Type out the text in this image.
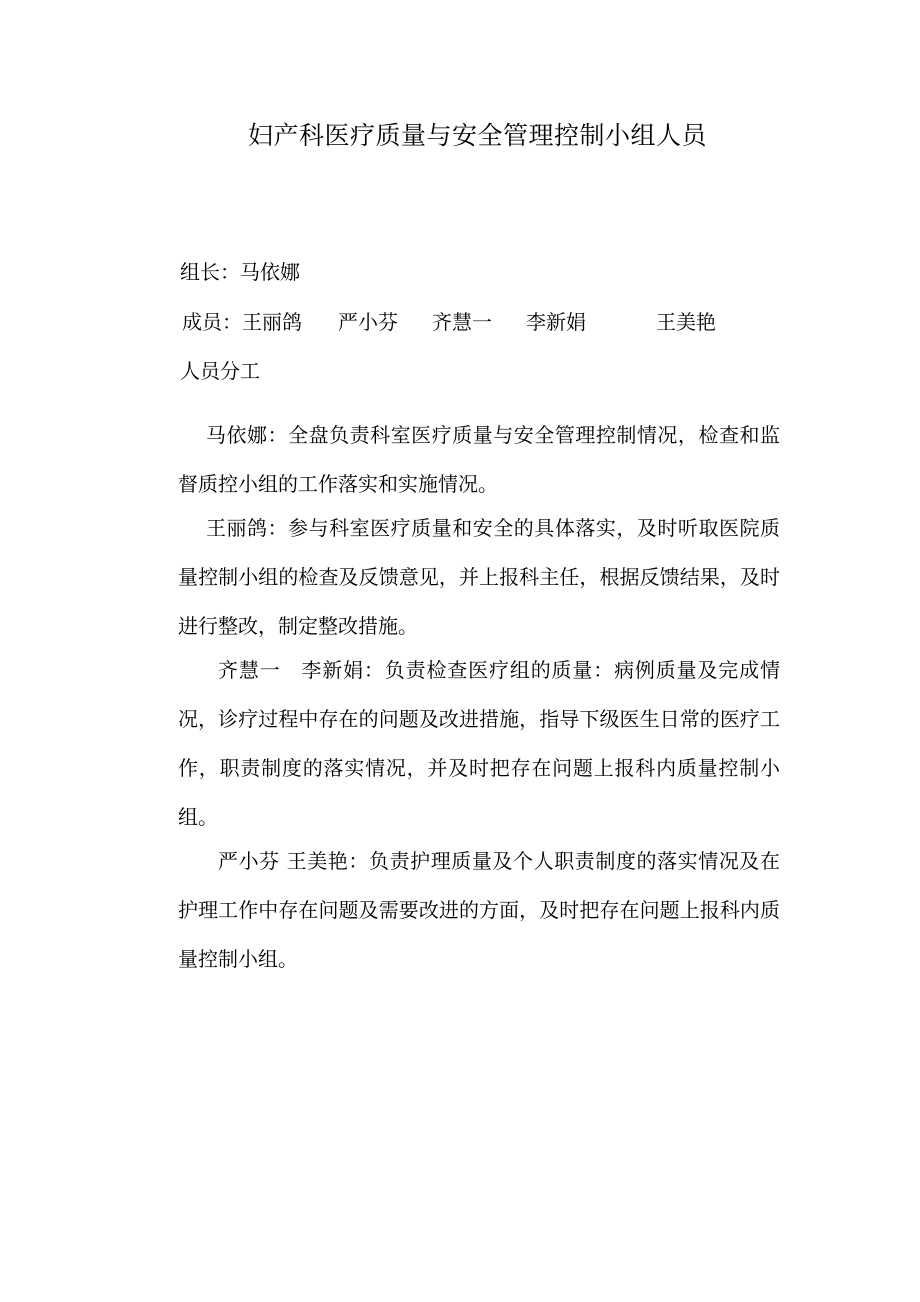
妇产科医疗质量与安全管理控制小组人员
组长：马依娜
成员：王丽鸽 严小芬 齐慧一 李新娟	王美艳
人员分工

马依娜：全盘负责科室医疗质量与安全管理控制情况，检查和监督质控小组的工作落实和实施情况。

王丽鸽：参与科室医疗质量和安全的具体落实，及时听取医院质量控制小组的检查及反馈意见，并上报科主任，根据反馈结果，及时进行整改，制定整改措施。

齐慧一　李新娟：负责检查医疗组的质量：病例质量及完成情况，诊疗过程中存在的问题及改进措施，指导下级医生日常的医疗工作，职责制度的落实情况，并及时把存在问题上报科内质量控制小组。

严小芬 王美艳：负责护理质量及个人职责制度的落实情况及在护理工作中存在问题及需要改进的方面，及时把存在问题上报科内质量控制小组。
